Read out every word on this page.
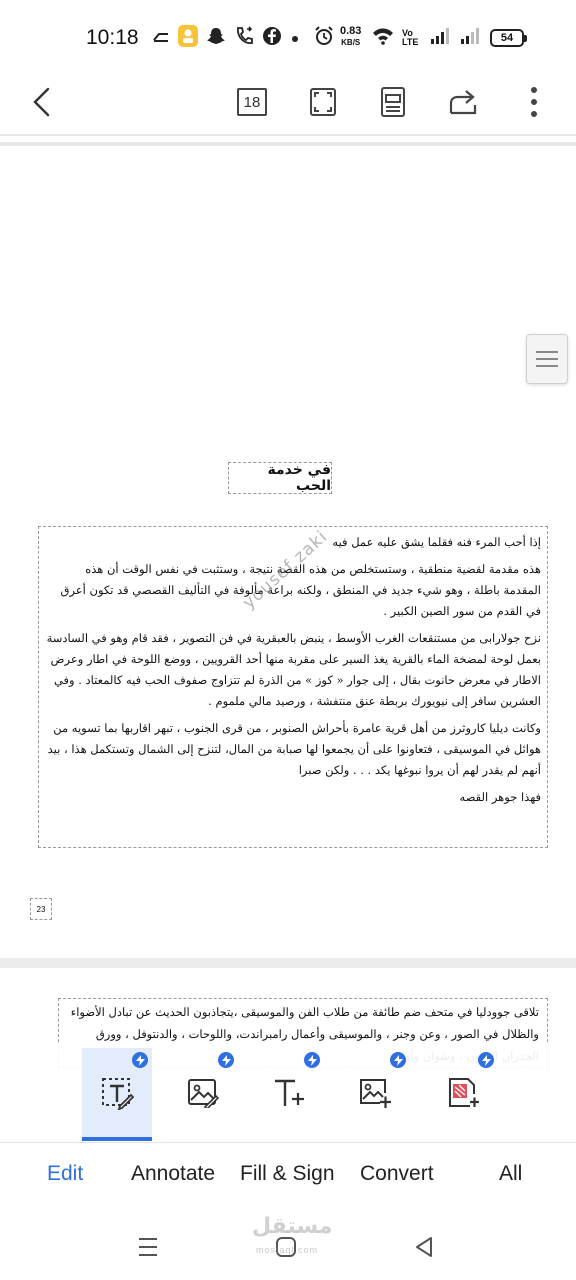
10:18	0.83
KB/S
Vo LTE	54
18
في خدمة الحب

إذا أحب المرء فنه فقلما يشق عليه عمل فيه

هذه مقدمة لقضية منطقية ، وستستخلص من هذه القصة نتيجة ، وستثبت في نفس الوقت أن هذه المقدمة باطلة ، وهو شيء جديد في المنطق ، ولكنه براعة مألوفة في التأليف القصصي قد تكون أعرق في القدم من سور الصين الكبير .

نزح جولارابى من مستنقعات الغرب الأوسط ، ينبض بالعبقرية في فن التصوير ، فقد قام وهو في السادسة بعمل لوحة لمضخة الماء بالقرية يغذ السير على مقربة منها أحد القرويين ، ووضع اللوحة في اطار وعرض الاطار في معرض حانوت بقال ، إلى جوار « كوز » من الذرة لم تتزاوج صفوف الحب فيه كالمعتاد . وفي العشرين سافر إلى نيويورك بربطة عنق منتفشة ، ورصيد مالي ملموم .

وكانت ديليا كاروثرز من أهل قرية عامرة بأحراش الصنوبر ، من قرى الجنوب ، تبهر اقاربها بما تسويه من هوائل في الموسيقى ، فتعاونوا على أن يجمعوا لها صبابة من المال، لتنزح إلى الشمال وتستكمل هذا ، بيد أنهم لم يقدر لهم أن يروا نبوغها يكد . . . ولكن صبرا

فهذا جوهر القصه

yousef zaki
23
تلاقى جوودليا في متحف ضم طائفة من طلاب الفن والموسيقى ،يتجاذبون الحديث عن تبادل الأضواء والظلال في الصور ، وعن وجنر ، والموسيقى وأعمال رامبراندت، واللوحات ، والدنتوفل ، وورق
Edit Annotate Fill & Sign Convert	All
مستقل
mostaql.com
